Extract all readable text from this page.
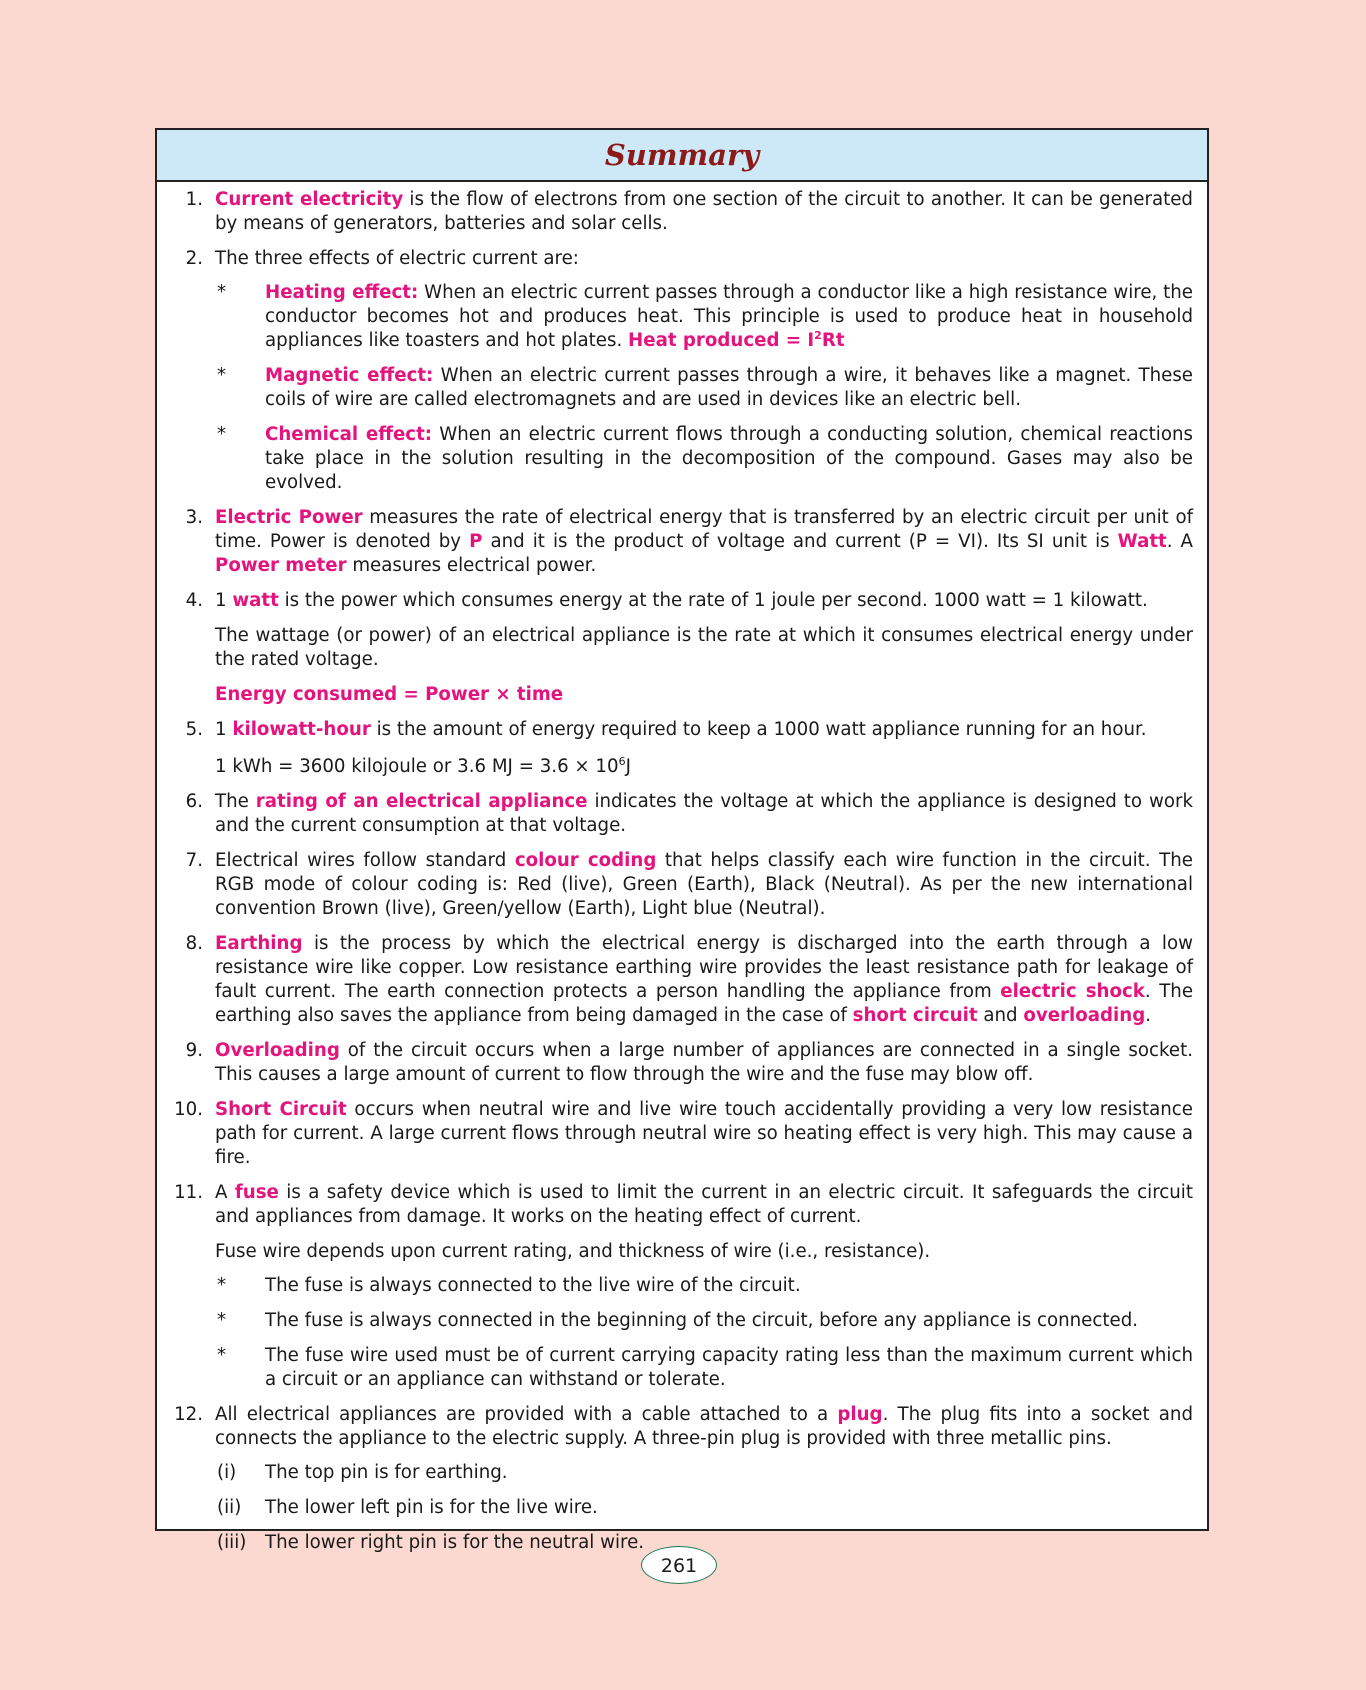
Summary
1. Current electricity is the flow of electrons from one section of the circuit to another. It can be generated by means of generators, batteries and solar cells.
2. The three effects of electric current are:
*	Heating effect: When an electric current passes through a conductor like a high resistance wire, the conductor becomes hot and produces heat. This principle is used to produce heat in household appliances like toasters and hot plates. Heat produced = $I^2Rt$
*	Magnetic effect: When an electric current passes through a wire, it behaves like a magnet. These coils of wire are called electromagnets and are used in devices like an electric bell.
*	Chemical effect: When an electric current flows through a conducting solution, chemical reactions take place in the solution resulting in the decomposition of the compound. Gases may also be evolved.
3. Electric Power measures the rate of electrical energy that is transferred by an electric circuit per unit of time. Power is denoted by P and it is the product of voltage and current (P = VI). Its SI unit is Watt. A Power meter measures electrical power.
4. 1 watt is the power which consumes energy at the rate of 1 joule per second. 1000 watt = 1 kilowatt.
The wattage (or power) of an electrical appliance is the rate at which it consumes electrical energy under the rated voltage.
Energy consumed = Power × time
5. 1 kilowatt-hour is the amount of energy required to keep a 1000 watt appliance running for an hour.
1 kWh = 3600 kilojoule or 3.6 MJ = $3.6 \times 10^6J$
6. The rating of an electrical appliance indicates the voltage at which the appliance is designed to work and the current consumption at that voltage.
7. Electrical wires follow standard colour coding that helps classify each wire function in the circuit. The RGB mode of colour coding is: Red (live), Green (Earth), Black (Neutral). As per the new international convention Brown (live), Green/yellow (Earth), Light blue (Neutral).
8. Earthing is the process by which the electrical energy is discharged into the earth through a low resistance wire like copper. Low resistance earthing wire provides the least resistance path for leakage of fault current. The earth connection protects a person handling the appliance from electric shock. The earthing also saves the appliance from being damaged in the case of short circuit and overloading.
9. Overloading of the circuit occurs when a large number of appliances are connected in a single socket. This causes a large amount of current to flow through the wire and the fuse may blow off.
10. Short Circuit occurs when neutral wire and live wire touch accidentally providing a very low resistance path for current. A large current flows through neutral wire so heating effect is very high. This may cause a fire.
11. A fuse is a safety device which is used to limit the current in an electric circuit. It safeguards the circuit and appliances from damage. It works on the heating effect of current.
Fuse wire depends upon current rating, and thickness of wire (i.e., resistance).
*	The fuse is always connected to the live wire of the circuit.
*	The fuse is always connected in the beginning of the circuit, before any appliance is connected.
*	The fuse wire used must be of current carrying capacity rating less than the maximum current which a circuit or an appliance can withstand or tolerate.
12. All electrical appliances are provided with a cable attached to a plug. The plug fits into a socket and connects the appliance to the electric supply. A three-pin plug is provided with three metallic pins.
(i)	The top pin is for earthing.
(ii)	The lower left pin is for the live wire.
(iii)	The lower right pin is for the neutral wire.
261
